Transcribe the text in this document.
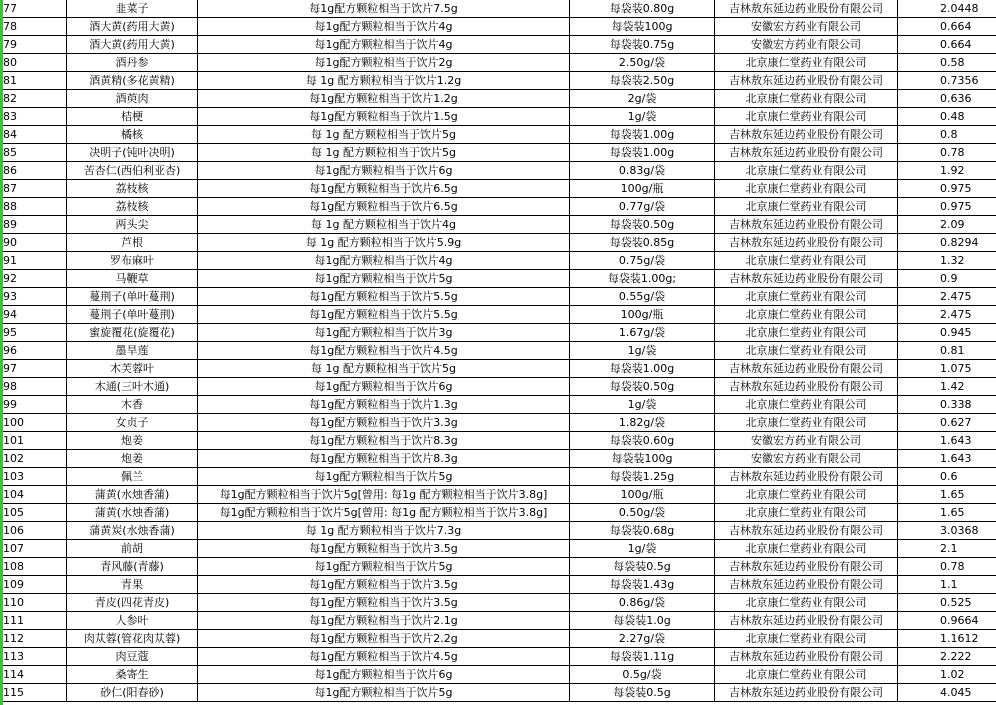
77	韭菜子	每1g配方颗粒相当于饮片7.5g	每袋装0.80g	吉林敖东延边药业股份有限公司	2.0448
78	酒大黄(药用大黄)	每1g配方颗粒相当于饮片4g	每袋装100g	安徽宏方药业有限公司	0.664
79	酒大黄(药用大黄)	每1g配方颗粒相当于饮片4g	每袋装0.75g	安徽宏方药业有限公司	0.664
80	酒丹参	每1g配方颗粒相当于饮片2g	2.50g/袋	北京康仁堂药业有限公司	0.58
81	酒黄精(多花黄精)	每 1g 配方颗粒相当于饮片1.2g	每袋装2.50g	吉林敖东延边药业股份有限公司	0.7356
82	酒萸肉	每1g配方颗粒相当于饮片1.2g	2g/袋	北京康仁堂药业有限公司	0.636
83	桔梗	每1g配方颗粒相当于饮片1.5g	1g/袋	北京康仁堂药业有限公司	0.48
84	橘核	每 1g 配方颗粒相当于饮片5g	每袋装1.00g	吉林敖东延边药业股份有限公司	0.8
85	决明子(钝叶决明)	每 1g 配方颗粒相当于饮片5g	每袋装1.00g	吉林敖东延边药业股份有限公司	0.78
86	苦杏仁(西伯利亚杏)	每1g配方颗粒相当于饮片6g	0.83g/袋	北京康仁堂药业有限公司	1.92
87	荔枝核	每1g配方颗粒相当于饮片6.5g	100g/瓶	北京康仁堂药业有限公司	0.975
88	荔枝核	每1g配方颗粒相当于饮片6.5g	0.77g/袋	北京康仁堂药业有限公司	0.975
89	两头尖	每 1g 配方颗粒相当于饮片4g	每袋装0.50g	吉林敖东延边药业股份有限公司	2.09
90	芦根	每 1g 配方颗粒相当于饮片5.9g	每袋装0.85g	吉林敖东延边药业股份有限公司	0.8294
91	罗布麻叶	每1g配方颗粒相当于饮片4g	0.75g/袋	北京康仁堂药业有限公司	1.32
92	马鞭草	每1g配方颗粒相当于饮片5g	每袋装1.00g;	吉林敖东延边药业股份有限公司	0.9
93	蔓荆子(单叶蔓荆)	每1g配方颗粒相当于饮片5.5g	0.55g/袋	北京康仁堂药业有限公司	2.475
94	蔓荆子(单叶蔓荆)	每1g配方颗粒相当于饮片5.5g	100g/瓶	北京康仁堂药业有限公司	2.475
95	蜜旋覆花(旋覆花)	每1g配方颗粒相当于饮片3g	1.67g/袋	北京康仁堂药业有限公司	0.945
96	墨旱莲	每1g配方颗粒相当于饮片4.5g	1g/袋	北京康仁堂药业有限公司	0.81
97	木芙蓉叶	每 1g 配方颗粒相当于饮片5g	每袋装1.00g	吉林敖东延边药业股份有限公司	1.075
98	木通(三叶木通)	每1g配方颗粒相当于饮片6g	每袋装0.50g	吉林敖东延边药业股份有限公司	1.42
99	木香	每1g配方颗粒相当于饮片1.3g	1g/袋	北京康仁堂药业有限公司	0.338
100	女贞子	每1g配方颗粒相当于饮片3.3g	1.82g/袋	北京康仁堂药业有限公司	0.627
101	炮姜	每1g配方颗粒相当于饮片8.3g	每袋装0.60g	安徽宏方药业有限公司	1.643
102	炮姜	每1g配方颗粒相当于饮片8.3g	每袋装100g	安徽宏方药业有限公司	1.643
103	佩兰	每1g配方颗粒相当于饮片5g	每袋装1.25g	吉林敖东延边药业股份有限公司	0.6
104	蒲黄(水烛香蒲)	每1g配方颗粒相当于饮片5g[曾用: 每1g 配方颗粒相当于饮片3.8g]	100g/瓶	北京康仁堂药业有限公司	1.65
105	蒲黄(水烛香蒲)	每1g配方颗粒相当于饮片5g[曾用: 每1g 配方颗粒相当于饮片3.8g]	0.50g/袋	北京康仁堂药业有限公司	1.65
106	蒲黄炭(水烛香蒲)	每 1g 配方颗粒相当于饮片7.3g	每袋装0.68g	吉林敖东延边药业股份有限公司	3.0368
107	前胡	每1g配方颗粒相当于饮片3.5g	1g/袋	北京康仁堂药业有限公司	2.1
108	青风藤(青藤)	每1g配方颗粒相当于饮片5g	每袋装0.5g	吉林敖东延边药业股份有限公司	0.78
109	青果	每1g配方颗粒相当于饮片3.5g	每袋装1.43g	吉林敖东延边药业股份有限公司	1.1
110	青皮(四花青皮)	每1g配方颗粒相当于饮片3.5g	0.86g/袋	北京康仁堂药业有限公司	0.525
111	人参叶	每1g配方颗粒相当于饮片2.1g	每袋装1.0g	吉林敖东延边药业股份有限公司	0.9664
112	肉苁蓉(管花肉苁蓉)	每1g配方颗粒相当于饮片2.2g	2.27g/袋	北京康仁堂药业有限公司	1.1612
113	肉豆蔻	每1g配方颗粒相当于饮片4.5g	每袋装1.11g	吉林敖东延边药业股份有限公司	2.222
114	桑寄生	每1g配方颗粒相当于饮片6g	0.5g/袋	北京康仁堂药业有限公司	1.02
115	砂仁(阳春砂)	每1g配方颗粒相当于饮片5g	每袋装0.5g	吉林敖东延边药业股份有限公司	4.045
